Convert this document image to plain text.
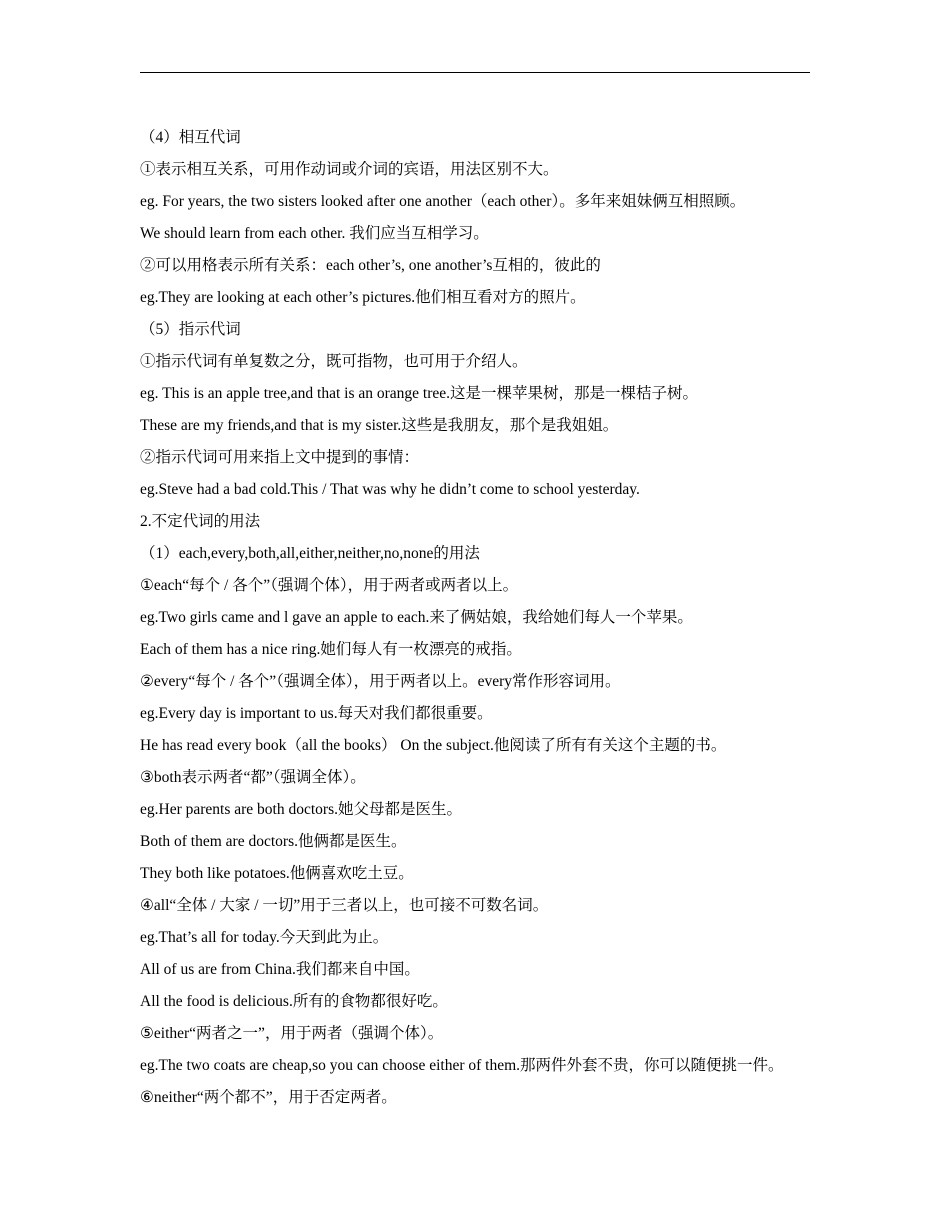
（4）相互代词
①表示相互关系，可用作动词或介词的宾语，用法区别不大。
eg. For years, the two sisters looked after one another（each other）。多年来姐妹俩互相照顾。
We should learn from each other. 我们应当互相学习。
②可以用格表示所有关系：each other’s, one another’s互相的，彼此的
eg.They are looking at each other’s pictures.他们相互看对方的照片。
（5）指示代词
①指示代词有单复数之分，既可指物，也可用于介绍人。
eg. This is an apple tree,and that is an orange tree.这是一棵苹果树，那是一棵桔子树。
These are my friends,and that is my sister.这些是我朋友，那个是我姐姐。
②指示代词可用来指上文中提到的事情：
eg.Steve had a bad cold.This / That was why he didn’t come to school yesterday.
2.不定代词的用法
（1）each,every,both,all,either,neither,no,none的用法
①each“每个 / 各个”（强调个体），用于两者或两者以上。
eg.Two girls came and l gave an apple to each.来了俩姑娘，我给她们每人一个苹果。
Each of them has a nice ring.她们每人有一枚漂亮的戒指。
②every“每个 / 各个”（强调全体），用于两者以上。every常作形容词用。
eg.Every day is important to us.每天对我们都很重要。
He has read every book（all the books） On the subject.他阅读了所有有关这个主题的书。
③both表示两者“都”（强调全体）。
eg.Her parents are both doctors.她父母都是医生。
Both of them are doctors.他俩都是医生。
They both like potatoes.他俩喜欢吃土豆。
④all“全体 / 大家 / 一切”用于三者以上，也可接不可数名词。
eg.That’s all for today.今天到此为止。
All of us are from China.我们都来自中国。
All the food is delicious.所有的食物都很好吃。
⑤either“两者之一”，用于两者（强调个体）。
eg.The two coats are cheap,so you can choose either of them.那两件外套不贵，你可以随便挑一件。
⑥neither“两个都不”，用于否定两者。
